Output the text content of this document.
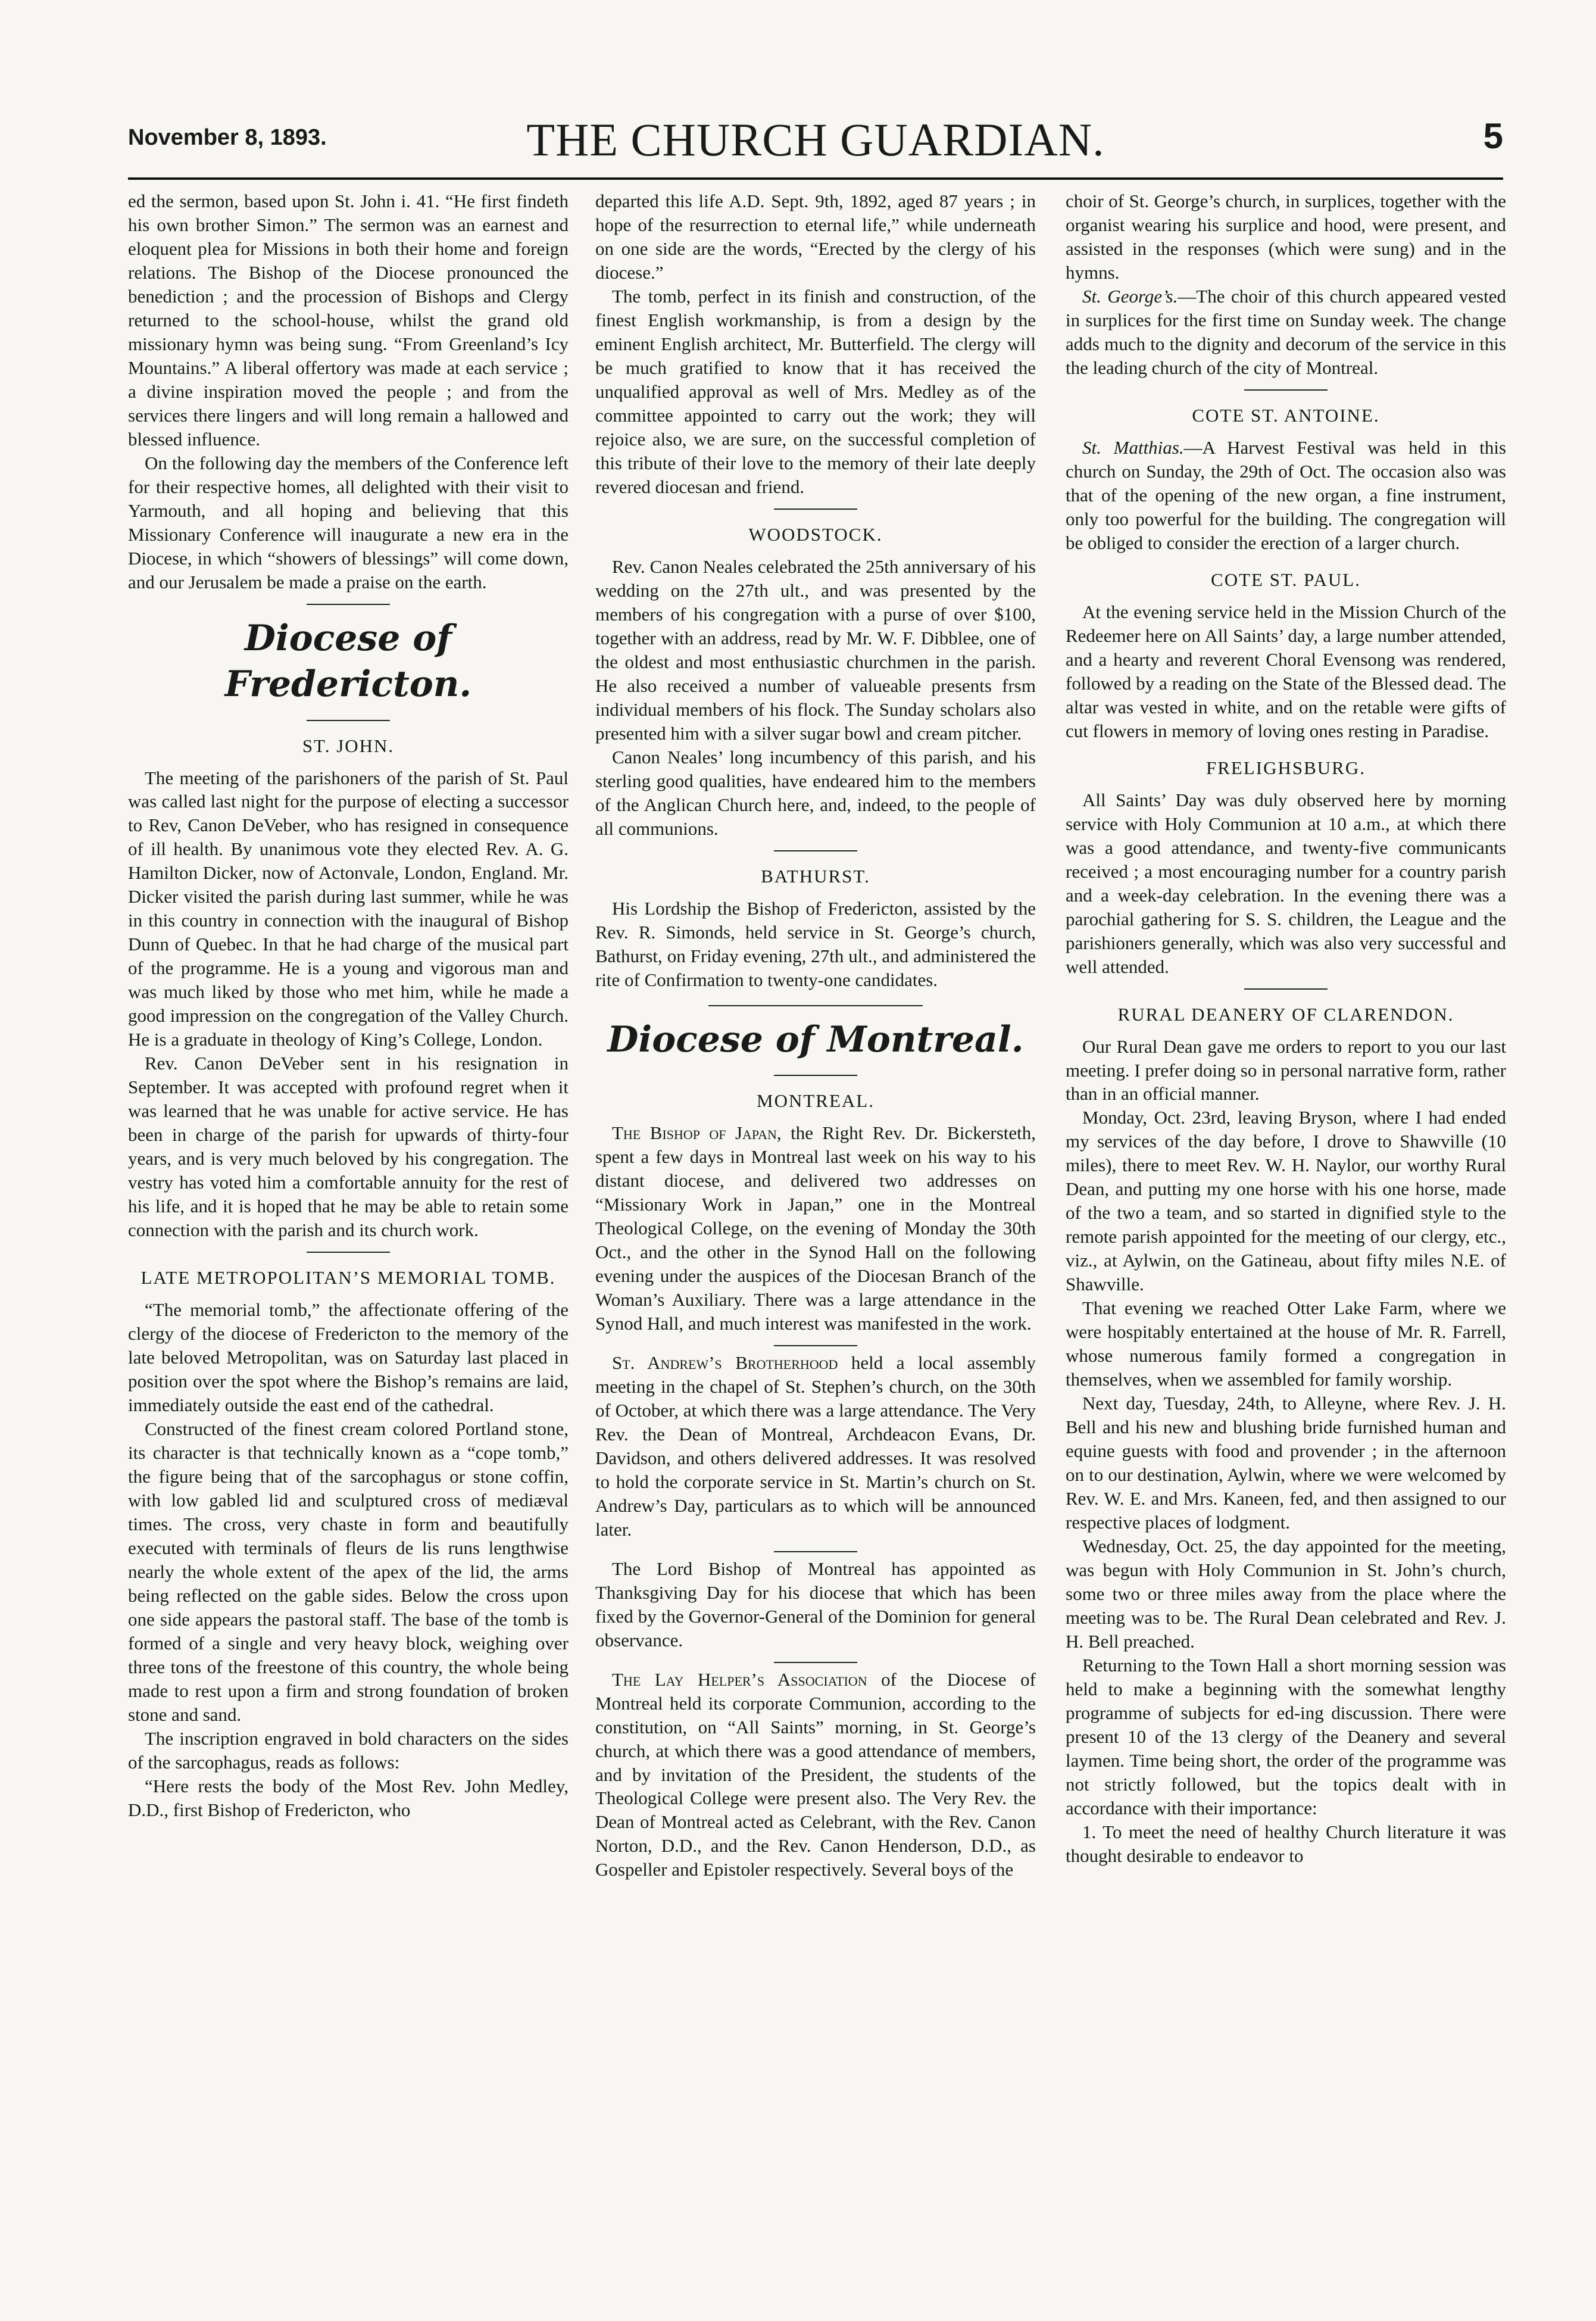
November 8, 1893.	THE CHURCH GUARDIAN.	5

ed the sermon, based upon St. John i. 41. “He first findeth his own brother Simon.” The sermon was an earnest and eloquent plea for Missions in both their home and foreign relations. The Bishop of the Diocese pronounced the benediction ; and the procession of Bishops and Clergy returned to the school-house, whilst the grand old missionary hymn was being sung. “From Greenland’s Icy Mountains.” A liberal offertory was made at each service ; a divine inspiration moved the people ; and from the services there lingers and will long remain a hallowed and blessed influence.

On the following day the members of the Conference left for their respective homes, all delighted with their visit to Yarmouth, and all hoping and believing that this Missionary Conference will inaugurate a new era in the Diocese, in which “showers of blessings” will come down, and our Jerusalem be made a praise on the earth.

Diocese of Fredericton.
ST. JOHN.

The meeting of the parishoners of the parish of St. Paul was called last night for the purpose of electing a successor to Rev, Canon DeVeber, who has resigned in consequence of ill health. By unanimous vote they elected Rev. A. G. Hamilton Dicker, now of Actonvale, London, England. Mr. Dicker visited the parish during last summer, while he was in this country in connection with the inaugural of Bishop Dunn of Quebec. In that he had charge of the musical part of the programme. He is a young and vigorous man and was much liked by those who met him, while he made a good impression on the congregation of the Valley Church. He is a graduate in theology of King’s College, London.

Rev. Canon DeVeber sent in his resignation in September. It was accepted with profound regret when it was learned that he was unable for active service. He has been in charge of the parish for upwards of thirty-four years, and is very much beloved by his congregation. The vestry has voted him a comfortable annuity for the rest of his life, and it is hoped that he may be able to retain some connection with the parish and its church work.

LATE METROPOLITAN’S MEMORIAL TOMB.

“The memorial tomb,” the affectionate offering of the clergy of the diocese of Fredericton to the memory of the late beloved Metropolitan, was on Saturday last placed in position over the spot where the Bishop’s remains are laid, immediately outside the east end of the cathedral.

Constructed of the finest cream colored Portland stone, its character is that technically known as a “cope tomb,” the figure being that of the sarcophagus or stone coffin, with low gabled lid and sculptured cross of mediæval times. The cross, very chaste in form and beautifully executed with terminals of fleurs de lis runs lengthwise nearly the whole extent of the apex of the lid, the arms being reflected on the gable sides. Below the cross upon one side appears the pastoral staff. The base of the tomb is formed of a single and very heavy block, weighing over three tons of the freestone of this country, the whole being made to rest upon a firm and strong foundation of broken stone and sand.

The inscription engraved in bold characters on the sides of the sarcophagus, reads as follows:

“Here rests the body of the Most Rev. John Medley, D.D., first Bishop of Fredericton, who

departed this life A.D. Sept. 9th, 1892, aged 87 years ; in hope of the resurrection to eternal life,” while underneath on one side are the words, “Erected by the clergy of his diocese.”

The tomb, perfect in its finish and construction, of the finest English workmanship, is from a design by the eminent English architect, Mr. Butterfield. The clergy will be much gratified to know that it has received the unqualified approval as well of Mrs. Medley as of the committee appointed to carry out the work; they will rejoice also, we are sure, on the successful completion of this tribute of their love to the memory of their late deeply revered diocesan and friend.

WOODSTOCK.

Rev. Canon Neales celebrated the 25th anniversary of his wedding on the 27th ult., and was presented by the members of his congregation with a purse of over $100, together with an address, read by Mr. W. F. Dibblee, one of the oldest and most enthusiastic churchmen in the parish. He also received a number of valueable presents frsm individual members of his flock. The Sunday scholars also presented him with a silver sugar bowl and cream pitcher.

Canon Neales’ long incumbency of this parish, and his sterling good qualities, have endeared him to the members of the Anglican Church here, and, indeed, to the people of all communions.

BATHURST.

His Lordship the Bishop of Fredericton, assisted by the Rev. R. Simonds, held service in St. George’s church, Bathurst, on Friday evening, 27th ult., and administered the rite of Confirmation to twenty-one candidates.

Diocese of Montreal.
MONTREAL.

The Bishop of Japan, the Right Rev. Dr. Bickersteth, spent a few days in Montreal last week on his way to his distant diocese, and delivered two addresses on “Missionary Work in Japan,” one in the Montreal Theological College, on the evening of Monday the 30th Oct., and the other in the Synod Hall on the following evening under the auspices of the Diocesan Branch of the Woman’s Auxiliary. There was a large attendance in the Synod Hall, and much interest was manifested in the work.

St. Andrew’s Brotherhood held a local assembly meeting in the chapel of St. Stephen’s church, on the 30th of October, at which there was a large attendance. The Very Rev. the Dean of Montreal, Archdeacon Evans, Dr. Davidson, and others delivered addresses. It was resolved to hold the corporate service in St. Martin’s church on St. Andrew’s Day, particulars as to which will be announced later.

The Lord Bishop of Montreal has appointed as Thanksgiving Day for his diocese that which has been fixed by the Governor-General of the Dominion for general observance.

The Lay Helper’s Association of the Diocese of Montreal held its corporate Communion, according to the constitution, on “All Saints” morning, in St. George’s church, at which there was a good attendance of members, and by invitation of the President, the students of the Theological College were present also. The Very Rev. the Dean of Montreal acted as Celebrant, with the Rev. Canon Norton, D.D., and the Rev. Canon Henderson, D.D., as Gospeller and Epistoler respectively. Several boys of the

choir of St. George’s church, in surplices, together with the organist wearing his surplice and hood, were present, and assisted in the responses (which were sung) and in the hymns.

St. George’s.—The choir of this church appeared vested in surplices for the first time on Sunday week. The change adds much to the dignity and decorum of the service in this the leading church of the city of Montreal.

COTE ST. ANTOINE.

St. Matthias.—A Harvest Festival was held in this church on Sunday, the 29th of Oct. The occasion also was that of the opening of the new organ, a fine instrument, only too powerful for the building. The congregation will be obliged to consider the erection of a larger church.

COTE ST. PAUL.

At the evening service held in the Mission Church of the Redeemer here on All Saints’ day, a large number attended, and a hearty and reverent Choral Evensong was rendered, followed by a reading on the State of the Blessed dead. The altar was vested in white, and on the retable were gifts of cut flowers in memory of loving ones resting in Paradise.

FRELIGHSBURG.

All Saints’ Day was duly observed here by morning service with Holy Communion at 10 a.m., at which there was a good attendance, and twenty-five communicants received ; a most encouraging number for a country parish and a week-day celebration. In the evening there was a parochial gathering for S. S. children, the League and the parishioners generally, which was also very successful and well attended.

RURAL DEANERY OF CLARENDON.

Our Rural Dean gave me orders to report to you our last meeting. I prefer doing so in personal narrative form, rather than in an official manner.

Monday, Oct. 23rd, leaving Bryson, where I had ended my services of the day before, I drove to Shawville (10 miles), there to meet Rev. W. H. Naylor, our worthy Rural Dean, and putting my one horse with his one horse, made of the two a team, and so started in dignified style to the remote parish appointed for the meeting of our clergy, etc., viz., at Aylwin, on the Gatineau, about fifty miles N.E. of Shawville.

That evening we reached Otter Lake Farm, where we were hospitably entertained at the house of Mr. R. Farrell, whose numerous family formed a congregation in themselves, when we assembled for family worship.

Next day, Tuesday, 24th, to Alleyne, where Rev. J. H. Bell and his new and blushing bride furnished human and equine guests with food and provender ; in the afternoon on to our destination, Aylwin, where we were welcomed by Rev. W. E. and Mrs. Kaneen, fed, and then assigned to our respective places of lodgment.

Wednesday, Oct. 25, the day appointed for the meeting, was begun with Holy Communion in St. John’s church, some two or three miles away from the place where the meeting was to be. The Rural Dean celebrated and Rev. J. H. Bell preached.

Returning to the Town Hall a short morning session was held to make a beginning with the somewhat lengthy programme of subjects for ed-ing discussion. There were present 10 of the 13 clergy of the Deanery and several laymen. Time being short, the order of the programme was not strictly followed, but the topics dealt with in accordance with their importance:

1. To meet the need of healthy Church literature it was thought desirable to endeavor to
